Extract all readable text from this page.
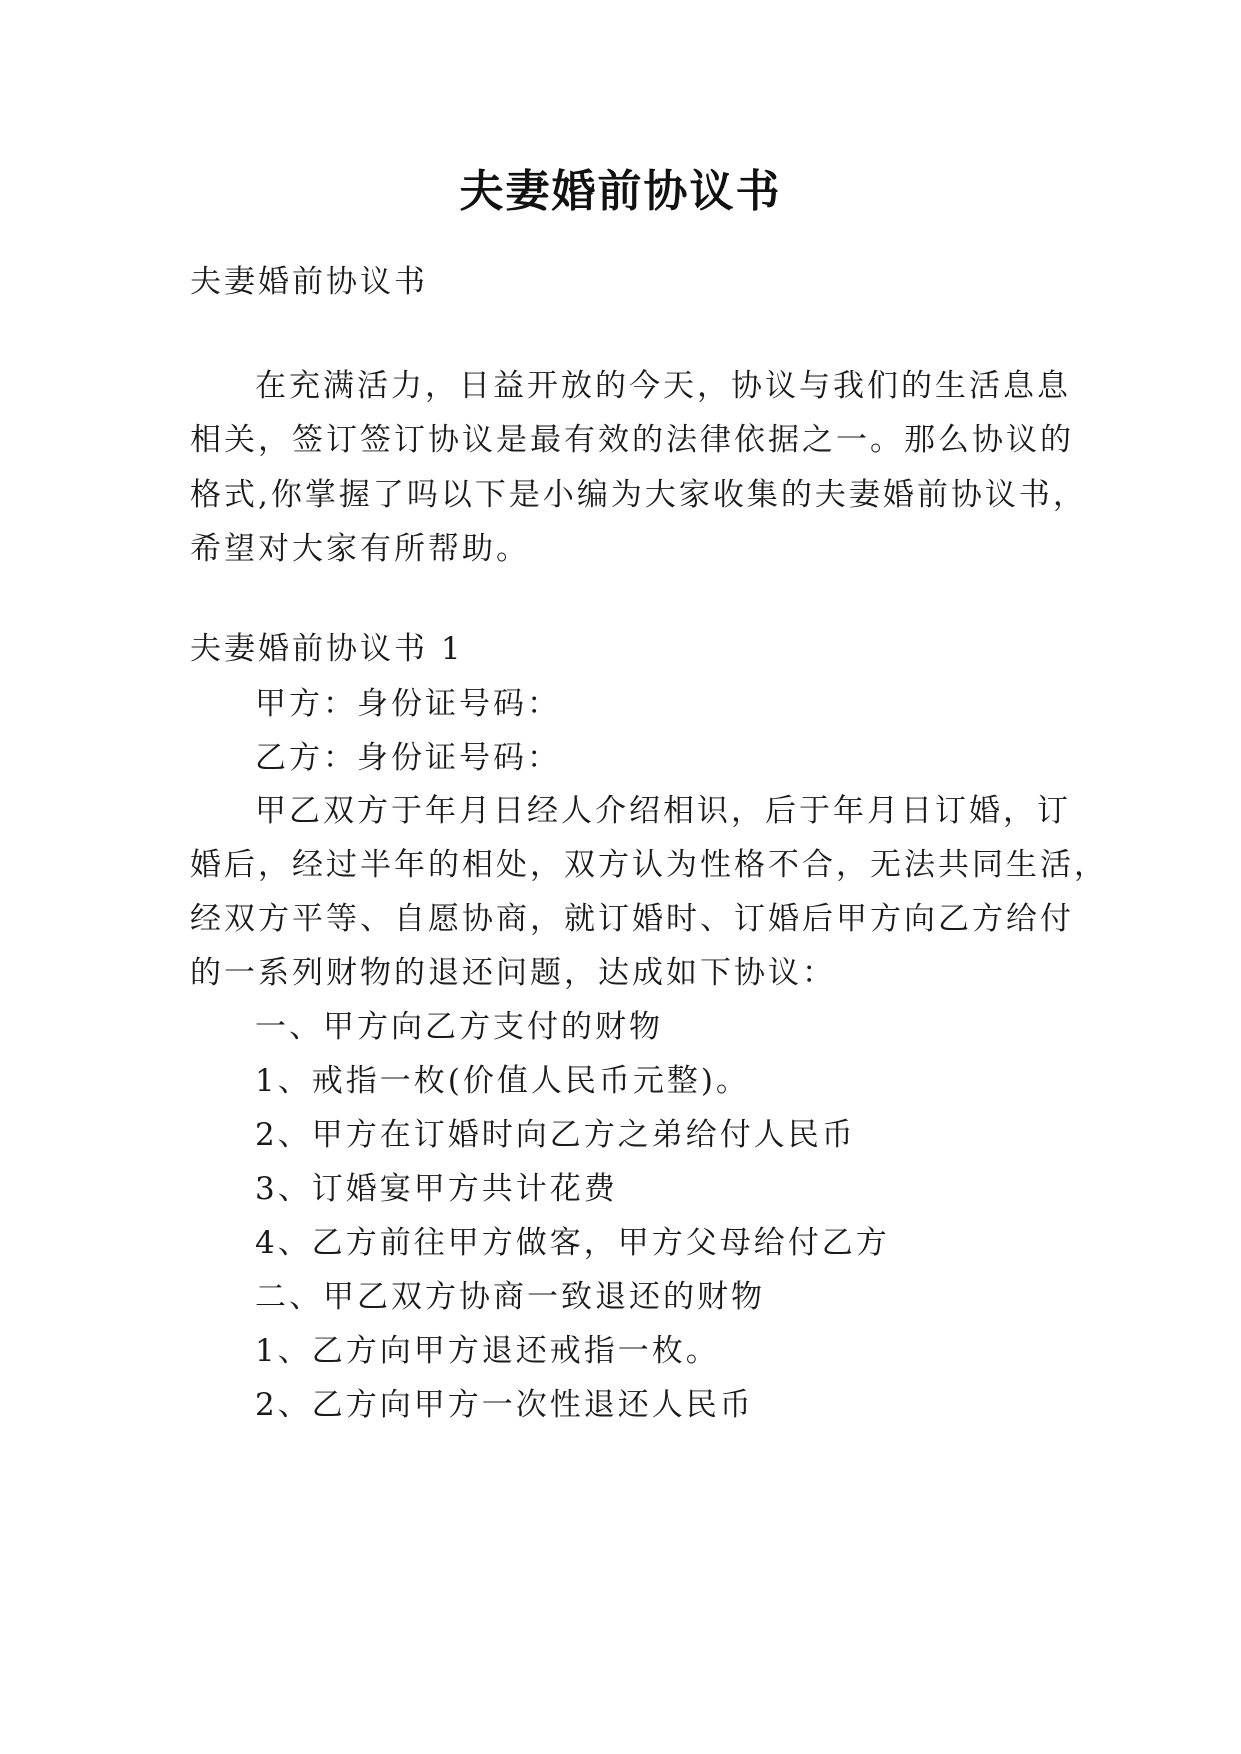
夫妻婚前协议书
夫妻婚前协议书
在充满活力，日益开放的今天，协议与我们的生活息息
相关，签订签订协议是最有效的法律依据之一。那么协议的
格式,你掌握了吗以下是小编为大家收集的夫妻婚前协议书，
希望对大家有所帮助。
夫妻婚前协议书 1
甲方：身份证号码：
乙方：身份证号码：
甲乙双方于年月日经人介绍相识，后于年月日订婚，订
婚后，经过半年的相处，双方认为性格不合，无法共同生活，
经双方平等、自愿协商，就订婚时、订婚后甲方向乙方给付
的一系列财物的退还问题，达成如下协议：
一、甲方向乙方支付的财物
1、戒指一枚(价值人民币元整)。
2、甲方在订婚时向乙方之弟给付人民币
3、订婚宴甲方共计花费
4、乙方前往甲方做客，甲方父母给付乙方
二、甲乙双方协商一致退还的财物
1、乙方向甲方退还戒指一枚。
2、乙方向甲方一次性退还人民币
